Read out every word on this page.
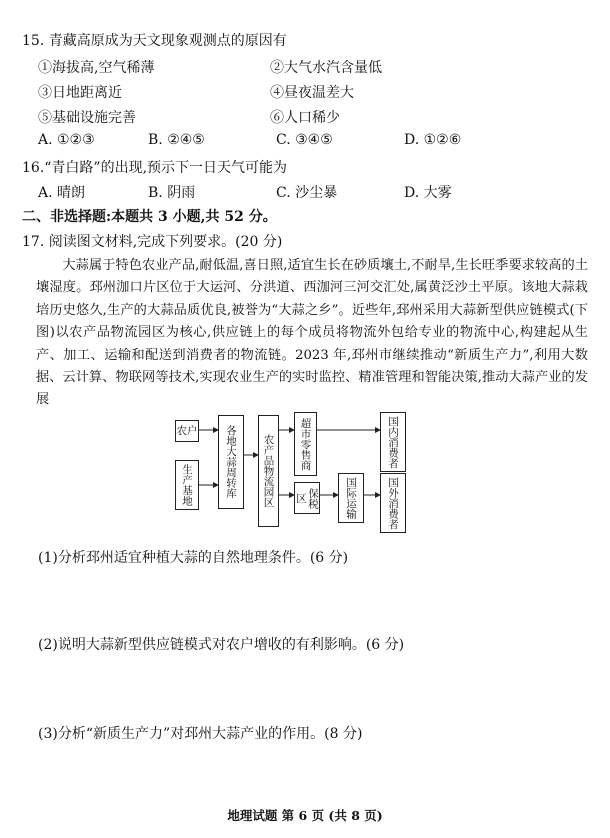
15. 青藏高原成为天文现象观测点的原因有
①海拔高,空气稀薄	②大气水汽含量低
③日地距离近	④昼夜温差大
⑤基础设施完善	⑥人口稀少
A. ①②③	B. ②④⑤	C. ③④⑤	D. ①②⑥
16.“青白路”的出现,预示下一日天气可能为
A. 晴朗	B. 阴雨	C. 沙尘暴	D. 大雾
二、非选择题:本题共 3 小题,共 52 分。
17. 阅读图文材料,完成下列要求。(20 分)
大蒜属于特色农业产品,耐低温,喜日照,适宜生长在砂质壤土,不耐旱,生长旺季要求较高的土壤湿度。邳州泇口片区位于大运河、分洪道、西泇河三河交汇处,属黄泛沙土平原。该地大蒜栽培历史悠久,生产的大蒜品质优良,被誉为“大蒜之乡”。近些年,邳州采用大蒜新型供应链模式(下图)以农产品物流园区为核心,供应链上的每个成员将物流外包给专业的物流中心,构建起从生产、加工、运输和配送到消费者的物流链。2023 年,邳州市继续推动“新质生产力”,利用大数据、云计算、物联网等技术,实现农业生产的实时监控、精准管理和智能决策,推动大蒜产业的发展
农户
生产基地	各地大蒜周转库	农产品物流园区	超市零售商
保税区	国际运输
国内消费者
国外消费者
(1)分析邳州适宜种植大蒜的自然地理条件。(6 分)
(2)说明大蒜新型供应链模式对农户增收的有利影响。(6 分)
(3)分析“新质生产力”对邳州大蒜产业的作用。(8 分)
地理试题 第 6 页 (共 8 页)
